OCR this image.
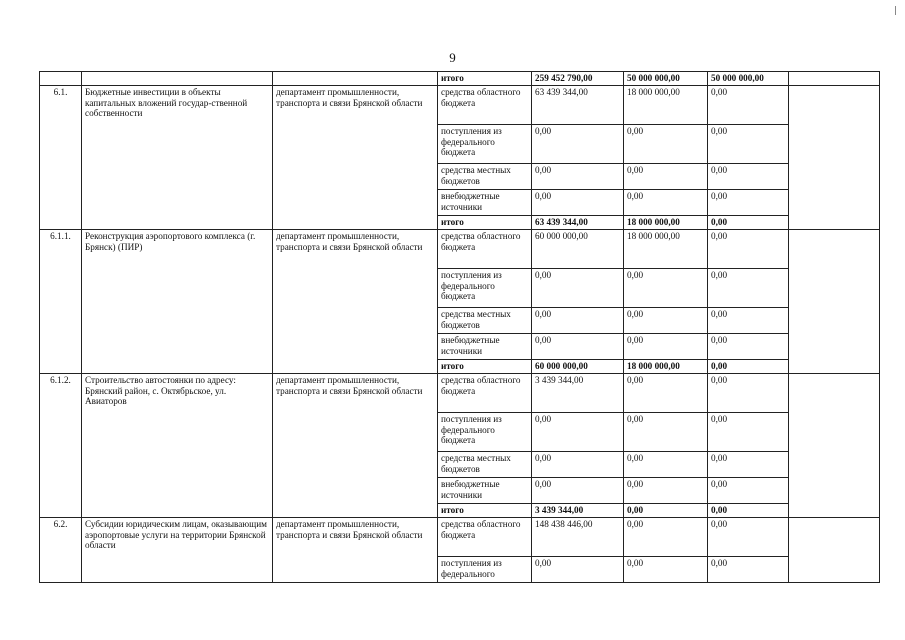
9
			итого	259 452 790,00	50 000 000,00	50 000 000,00	
6.1.	Бюджетные инвестиции в объекты капитальных вложений государ-ственной собственности	департамент промышленности, транспорта и связи Брянской области	средства областного бюджета	63 439 344,00	18 000 000,00	0,00	
			поступления из федерального бюджета	0,00	0,00	0,00	
			средства местных бюджетов	0,00	0,00	0,00	
			внебюджетные источники	0,00	0,00	0,00	
			итого	63 439 344,00	18 000 000,00	0,00	
6.1.1.	Реконструкция аэропортового комплекса (г. Брянск) (ПИР)	департамент промышленности, транспорта и связи Брянской области	средства областного бюджета	60 000 000,00	18 000 000,00	0,00	
			поступления из федерального бюджета	0,00	0,00	0,00	
			средства местных бюджетов	0,00	0,00	0,00	
			внебюджетные источники	0,00	0,00	0,00	
			итого	60 000 000,00	18 000 000,00	0,00	
6.1.2.	Строительство автостоянки по адресу: Брянский район, с. Октябрьское, ул. Авиаторов	департамент промышленности, транспорта и связи Брянской области	средства областного бюджета	3 439 344,00	0,00	0,00	
			поступления из федерального бюджета	0,00	0,00	0,00	
			средства местных бюджетов	0,00	0,00	0,00	
			внебюджетные источники	0,00	0,00	0,00	
			итого	3 439 344,00	0,00	0,00	
6.2.	Субсидии юридическим лицам, оказывающим аэропортовые услуги на территории Брянской области	департамент промышленности, транспорта и связи Брянской области	средства областного бюджета	148 438 446,00	0,00	0,00	
			поступления из федерального	0,00	0,00	0,00	
